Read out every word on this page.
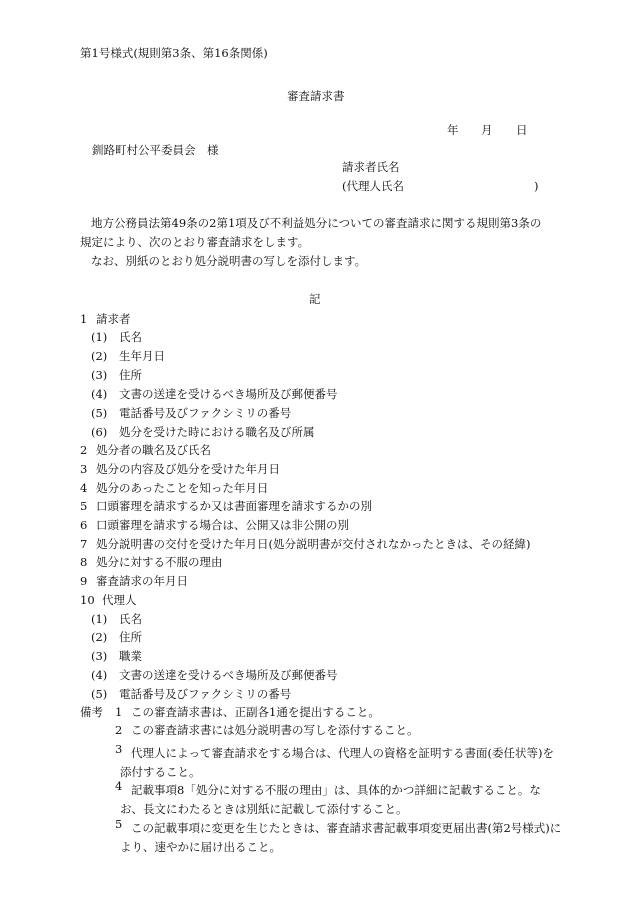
第1号様式(規則第3条、第16条関係)
審査請求書
年 月 日
釧路町村公平委員会　様
請求者氏名
(代理人氏名	)
地方公務員法第49条の2第1項及び不利益処分についての審査請求に関する規則第3条の規定により、次のとおり審査請求をします。
なお、別紙のとおり処分説明書の写しを添付します。
記
1 請求者
(1) 氏名
(2) 生年月日
(3) 住所
(4) 文書の送達を受けるべき場所及び郵便番号
(5) 電話番号及びファクシミリの番号
(6) 処分を受けた時における職名及び所属
2 処分者の職名及び氏名
3 処分の内容及び処分を受けた年月日
4 処分のあったことを知った年月日
5 口頭審理を請求するか又は書面審理を請求するかの別
6 口頭審理を請求する場合は、公開又は非公開の別
7 処分説明書の交付を受けた年月日(処分説明書が交付されなかったときは、その経緯)
8 処分に対する不服の理由
9 審査請求の年月日
10 代理人
(1) 氏名
(2) 住所
(3) 職業
(4) 文書の送達を受けるべき場所及び郵便番号
(5) 電話番号及びファクシミリの番号
備考 1 この審査請求書は、正副各1通を提出すること。
2 この審査請求書には処分説明書の写しを添付すること。
3 代理人によって審査請求をする場合は、代理人の資格を証明する書面(委任状等)を添付すること。
4 記載事項8「処分に対する不服の理由」は、具体的かつ詳細に記載すること。なお、長文にわたるときは別紙に記載して添付すること。
5 この記載事項に変更を生じたときは、審査請求書記載事項変更届出書(第2号様式)により、速やかに届け出ること。
